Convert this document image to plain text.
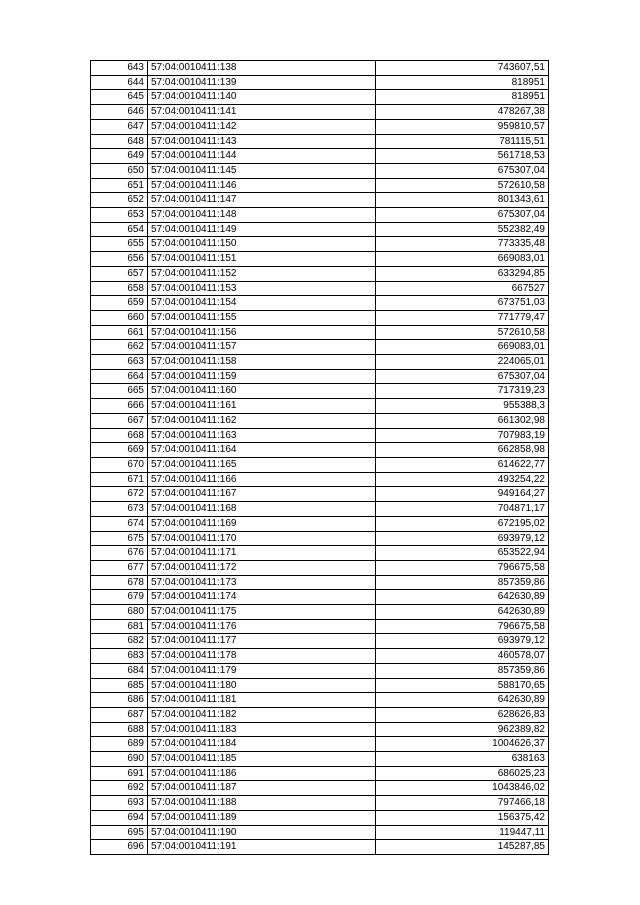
643	57:04:0010411:138	743607,51
644	57:04:0010411:139	818951
645	57:04:0010411:140	818951
646	57:04:0010411:141	478267,38
647	57:04:0010411:142	959810,57
648	57:04:0010411:143	781115,51
649	57:04:0010411:144	561718,53
650	57:04:0010411:145	675307,04
651	57:04:0010411:146	572610,58
652	57:04:0010411:147	801343,61
653	57:04:0010411:148	675307,04
654	57:04:0010411:149	552382,49
655	57:04:0010411:150	773335,48
656	57:04:0010411:151	669083,01
657	57:04:0010411:152	633294,85
658	57:04:0010411:153	667527
659	57:04:0010411:154	673751,03
660	57:04:0010411:155	771779,47
661	57:04:0010411:156	572610,58
662	57:04:0010411:157	669083,01
663	57:04:0010411:158	224065,01
664	57:04:0010411:159	675307,04
665	57:04:0010411:160	717319,23
666	57:04:0010411:161	955388,3
667	57:04:0010411:162	661302,98
668	57:04:0010411:163	707983,19
669	57:04:0010411:164	662858,98
670	57:04:0010411:165	614622,77
671	57:04:0010411:166	493254,22
672	57:04:0010411:167	949164,27
673	57:04:0010411:168	704871,17
674	57:04:0010411:169	672195,02
675	57:04:0010411:170	693979,12
676	57:04:0010411:171	653522,94
677	57:04:0010411:172	796675,58
678	57:04:0010411:173	857359,86
679	57:04:0010411:174	642630,89
680	57:04:0010411:175	642630,89
681	57:04:0010411:176	796675,58
682	57:04:0010411:177	693979,12
683	57:04:0010411:178	460578,07
684	57:04:0010411:179	857359,86
685	57:04:0010411:180	588170,65
686	57:04:0010411:181	642630,89
687	57:04:0010411:182	628626,83
688	57:04:0010411:183	962389,82
689	57:04:0010411:184	1004626,37
690	57:04:0010411:185	638163
691	57:04:0010411:186	686025,23
692	57:04:0010411:187	1043846,02
693	57:04:0010411:188	797466,18
694	57:04:0010411:189	156375,42
695	57:04:0010411:190	119447,11
696	57:04:0010411:191	145287,85
